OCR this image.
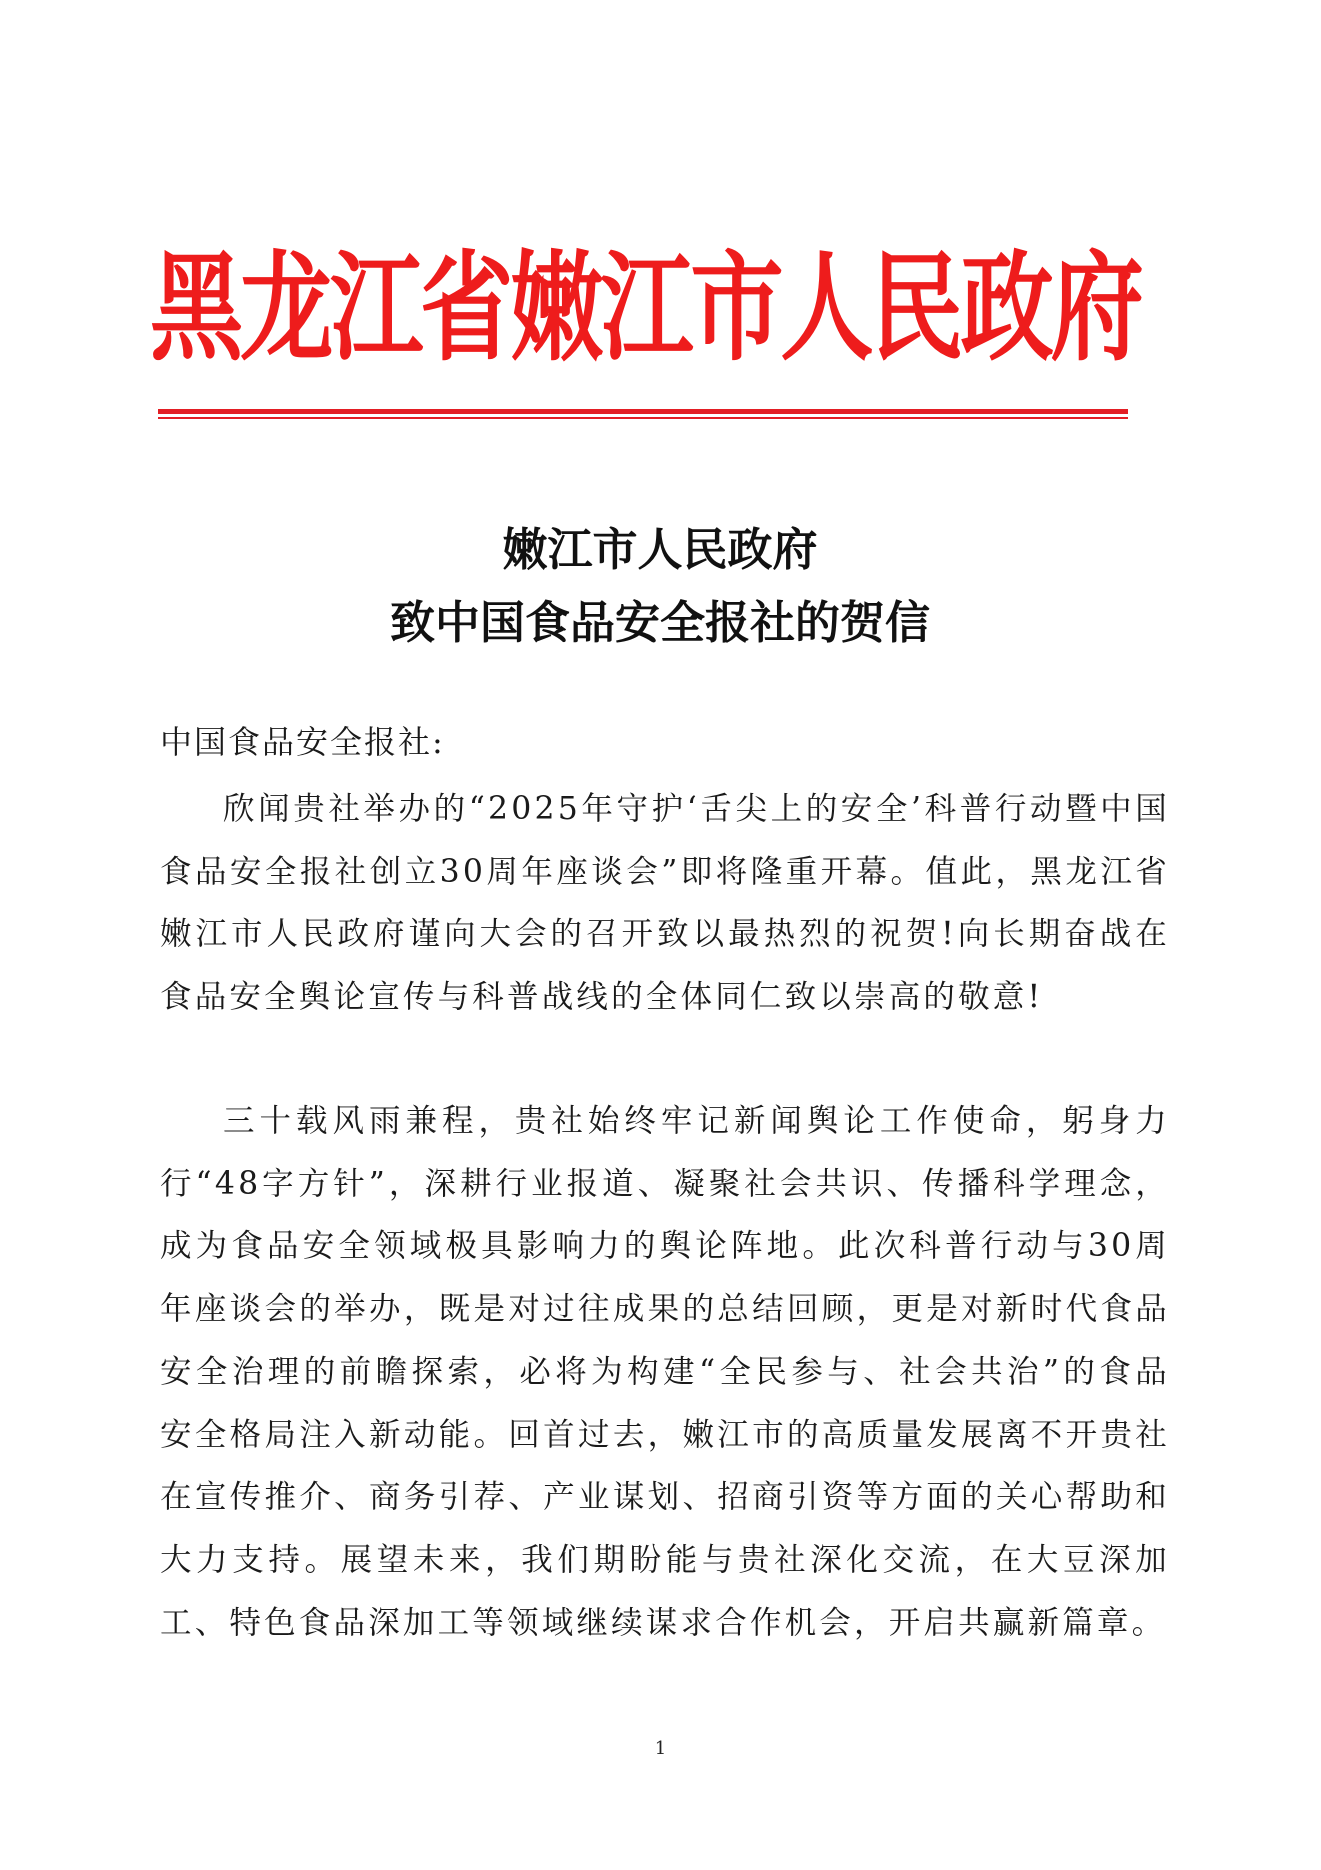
黑龙江省嫩江市人民政府
嫩江市人民政府
致中国食品安全报社的贺信
中国食品安全报社:

欣闻贵社举办的“2025年守护‘舌尖上的安全’科普行动暨中国食品安全报社创立30周年座谈会”即将隆重开幕。值此，黑龙江省嫩江市人民政府谨向大会的召开致以最热烈的祝贺!向长期奋战在食品安全舆论宣传与科普战线的全体同仁致以崇高的敬意!

三十载风雨兼程，贵社始终牢记新闻舆论工作使命，躬身力行“48字方针”，深耕行业报道、凝聚社会共识、传播科学理念，成为食品安全领域极具影响力的舆论阵地。此次科普行动与30周年座谈会的举办，既是对过往成果的总结回顾，更是对新时代食品安全治理的前瞻探索，必将为构建“全民参与、社会共治”的食品安全格局注入新动能。回首过去，嫩江市的高质量发展离不开贵社在宣传推介、商务引荐、产业谋划、招商引资等方面的关心帮助和大力支持。展望未来，我们期盼能与贵社深化交流，在大豆深加工、特色食品深加工等领域继续谋求合作机会，开启共赢新篇章。

1
